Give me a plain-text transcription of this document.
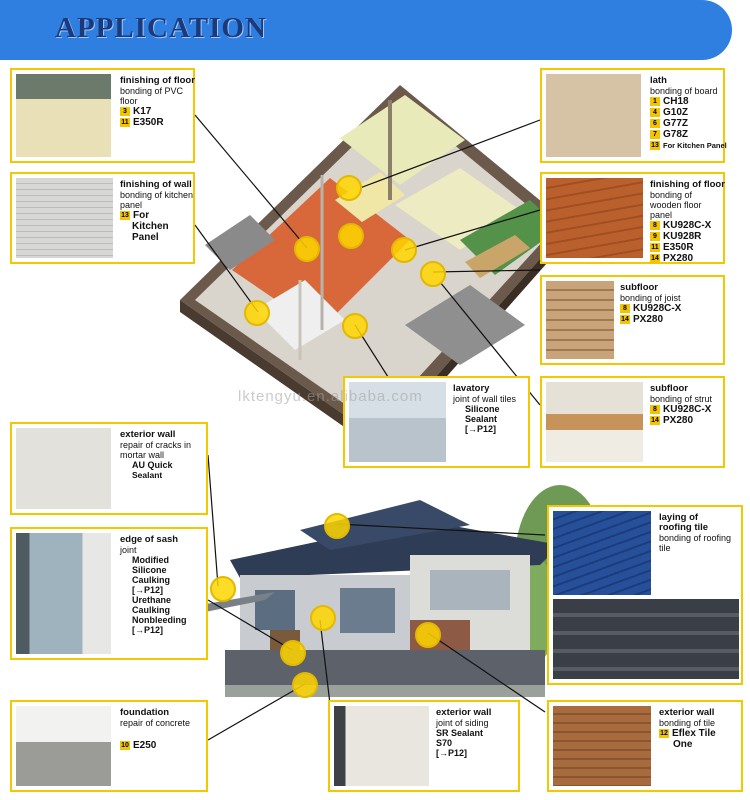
APPLICATION
finishing of floor
bonding of PVC floor
3 K17
11 E350R
finishing of wall
bonding of kitchen panel
13 For
Kitchen
Panel
lath
bonding of board
1 CH18
4 G10Z
6 G77Z
7 G78Z
13 For Kitchen Panel
finishing of floor
bonding of wooden floor panel
8 KU928C-X
9 KU928R
11 E350R
14 PX280
subfloor
bonding of joist
8 KU928C-X
14 PX280
subfloor
bonding of strut
8 KU928C-X
14 PX280
lavatory
joint of wall tiles
Silicone
Sealant
[→P12]
exterior wall
repair of cracks in mortar wall
AU Quick
Sealant
edge of sash
joint
Modified
Silicone
Caulking
[→P12]
Urethane
Caulking
Nonbleeding
[→P12]
laying of
roofing tile
bonding of roofing tile
foundation
repair of concrete
10 E250
exterior wall
joint of siding
SR Sealant
S70
[→P12]
exterior wall
bonding of tile
12 Eflex Tile
One
lktengyu.en.alibaba.com
